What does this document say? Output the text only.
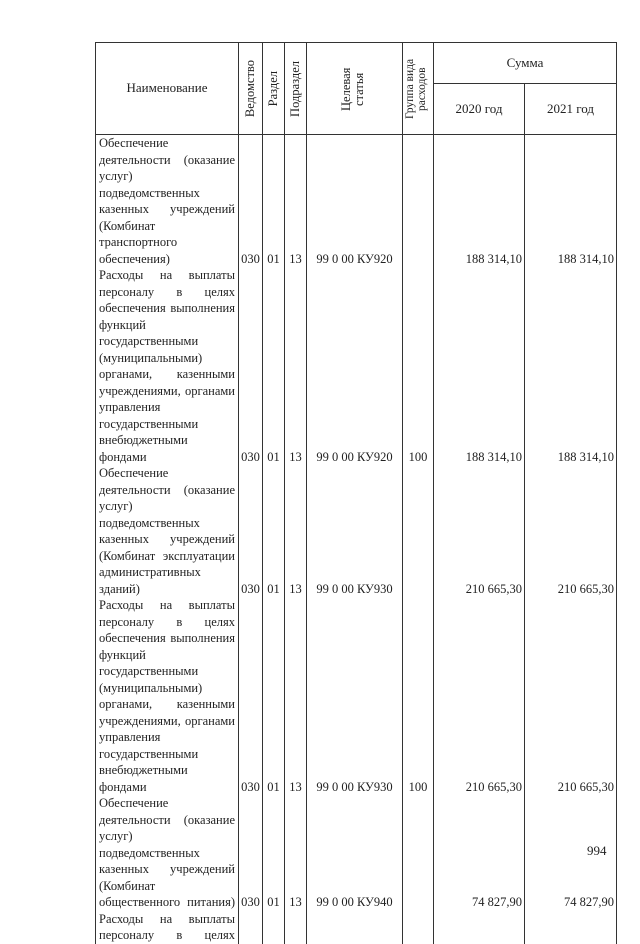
Наименование	Ведомство	Раздел	Подраздел	Целевая статья	Группа вида расходов	Сумма	
						2020 год	2021 год
Обеспечение деятельности (оказание услуг) подведомственных казенных учреждений (Комбинат транспортного обеспечения)	030	01	13	99 0 00 КУ920		188 314,10	188 314,10
Расходы на выплаты персоналу в целях обеспечения выполнения функций государственными (муниципальными) органами, казенными учреждениями, органами управления государственными внебюджетными фондами	030	01	13	99 0 00 КУ920	100	188 314,10	188 314,10
Обеспечение деятельности (оказание услуг) подведомственных казенных учреждений (Комбинат эксплуатации административных зданий)	030	01	13	99 0 00 КУ930		210 665,30	210 665,30
Расходы на выплаты персоналу в целях обеспечения выполнения функций государственными (муниципальными) органами, казенными учреждениями, органами управления государственными внебюджетными фондами	030	01	13	99 0 00 КУ930	100	210 665,30	210 665,30
Обеспечение деятельности (оказание услуг) подведомственных казенных учреждений (Комбинат общественного питания)	030	01	13	99 0 00 КУ940		74 827,90	74 827,90
Расходы на выплаты персоналу в целях							
994
